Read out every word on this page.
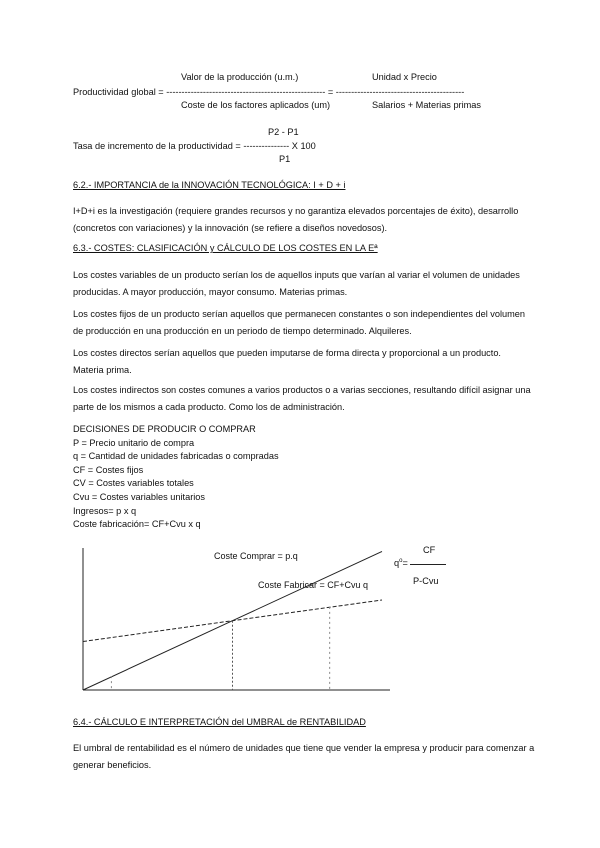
Valor de la producción (u.m.)	Unidad x Precio
Productividad global = ---------------------------------------------------- = ------------------------------------------
Coste de los factores aplicados (um)	Salarios + Materias primas
P2 - P1
Tasa de incremento de la productividad = --------------- X 100
P1
6.2.- IMPORTANCIA de la INNOVACIÓN TECNOLÓGICA: I + D + i
I+D+i es la investigación (requiere grandes recursos y no garantiza elevados porcentajes de éxito), desarrollo (concretos con variaciones) y la innovación (se refiere a diseños novedosos).
6.3.- COSTES: CLASIFICACIÓN y CÁLCULO DE LOS COSTES EN LA Eª
Los costes variables de un producto serían los de aquellos inputs que varían al variar el volumen de unidades producidas. A mayor producción, mayor consumo. Materias primas.
Los costes fijos de un producto serían aquellos que permanecen constantes o son independientes del volumen de producción en una producción en un periodo de tiempo determinado. Alquileres.
Los costes directos serían aquellos que pueden imputarse de forma directa y proporcional a un producto. Materia prima.
Los costes indirectos son costes comunes a varios productos o a varias secciones, resultando difícil asignar una parte de los mismos a cada producto. Como los de administración.
DECISIONES DE PRODUCIR O COMPRAR
P = Precio unitario de compra
q = Cantidad de unidades fabricadas o compradas
CF = Costes fijos
CV = Costes variables totales
Cvu = Costes variables unitarios
Ingresos= p x q
Coste fabricación= CF+Cvu x q
Coste Comprar = p.q
Coste Fabricar = CF+Cvu q
CF
$q^o=$
P-Cvu
6.4.- CÁLCULO E INTERPRETACIÓN del UMBRAL de RENTABILIDAD
El umbral de rentabilidad es el número de unidades que tiene que vender la empresa y producir para comenzar a generar beneficios.
